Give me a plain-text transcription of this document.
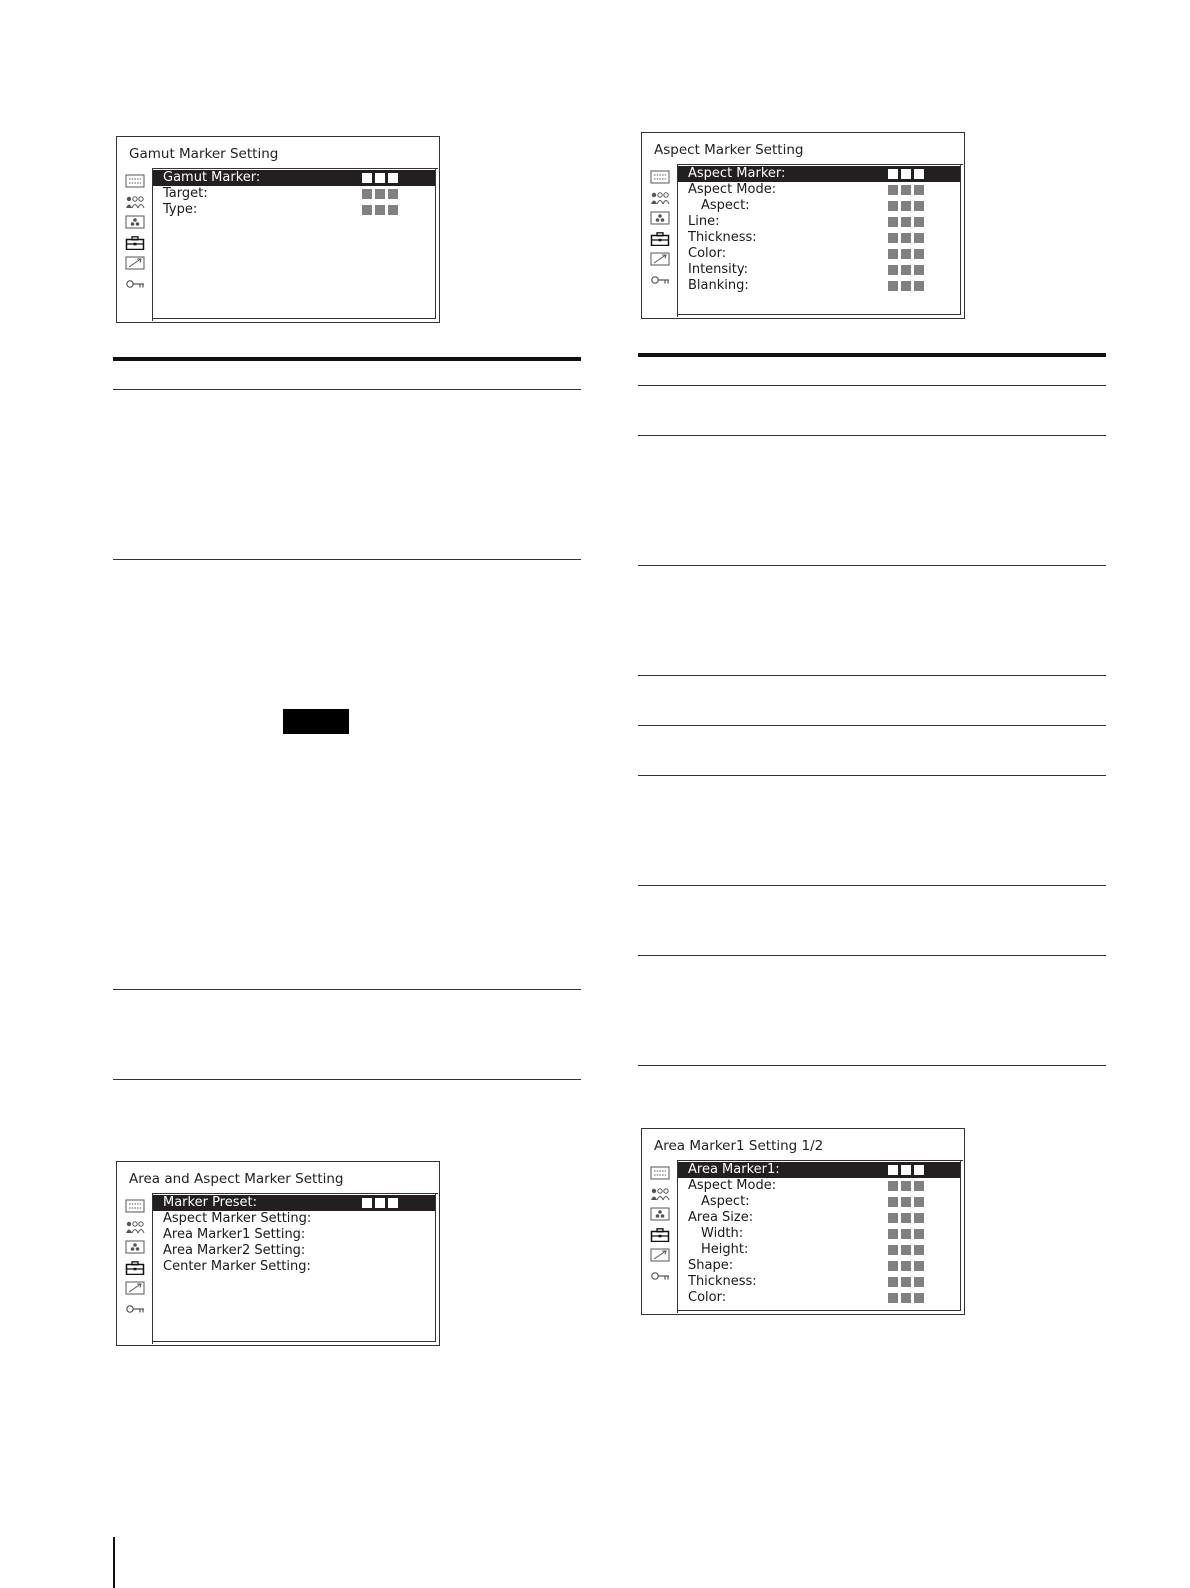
Gamut Marker Setting
Gamut Marker:
Target:
Type:
Area and Aspect Marker Setting
Marker Preset:
Aspect Marker Setting:
Area Marker1 Setting:
Area Marker2 Setting:
Center Marker Setting:
Aspect Marker Setting
Aspect Marker:
Aspect Mode:
Aspect:
Line:
Thickness:
Color:
Intensity:
Blanking:
Area Marker1 Setting 1/2
Area Marker1:
Aspect Mode:
Aspect:
Area Size:
Width:
Height:
Shape:
Thickness:
Color:
